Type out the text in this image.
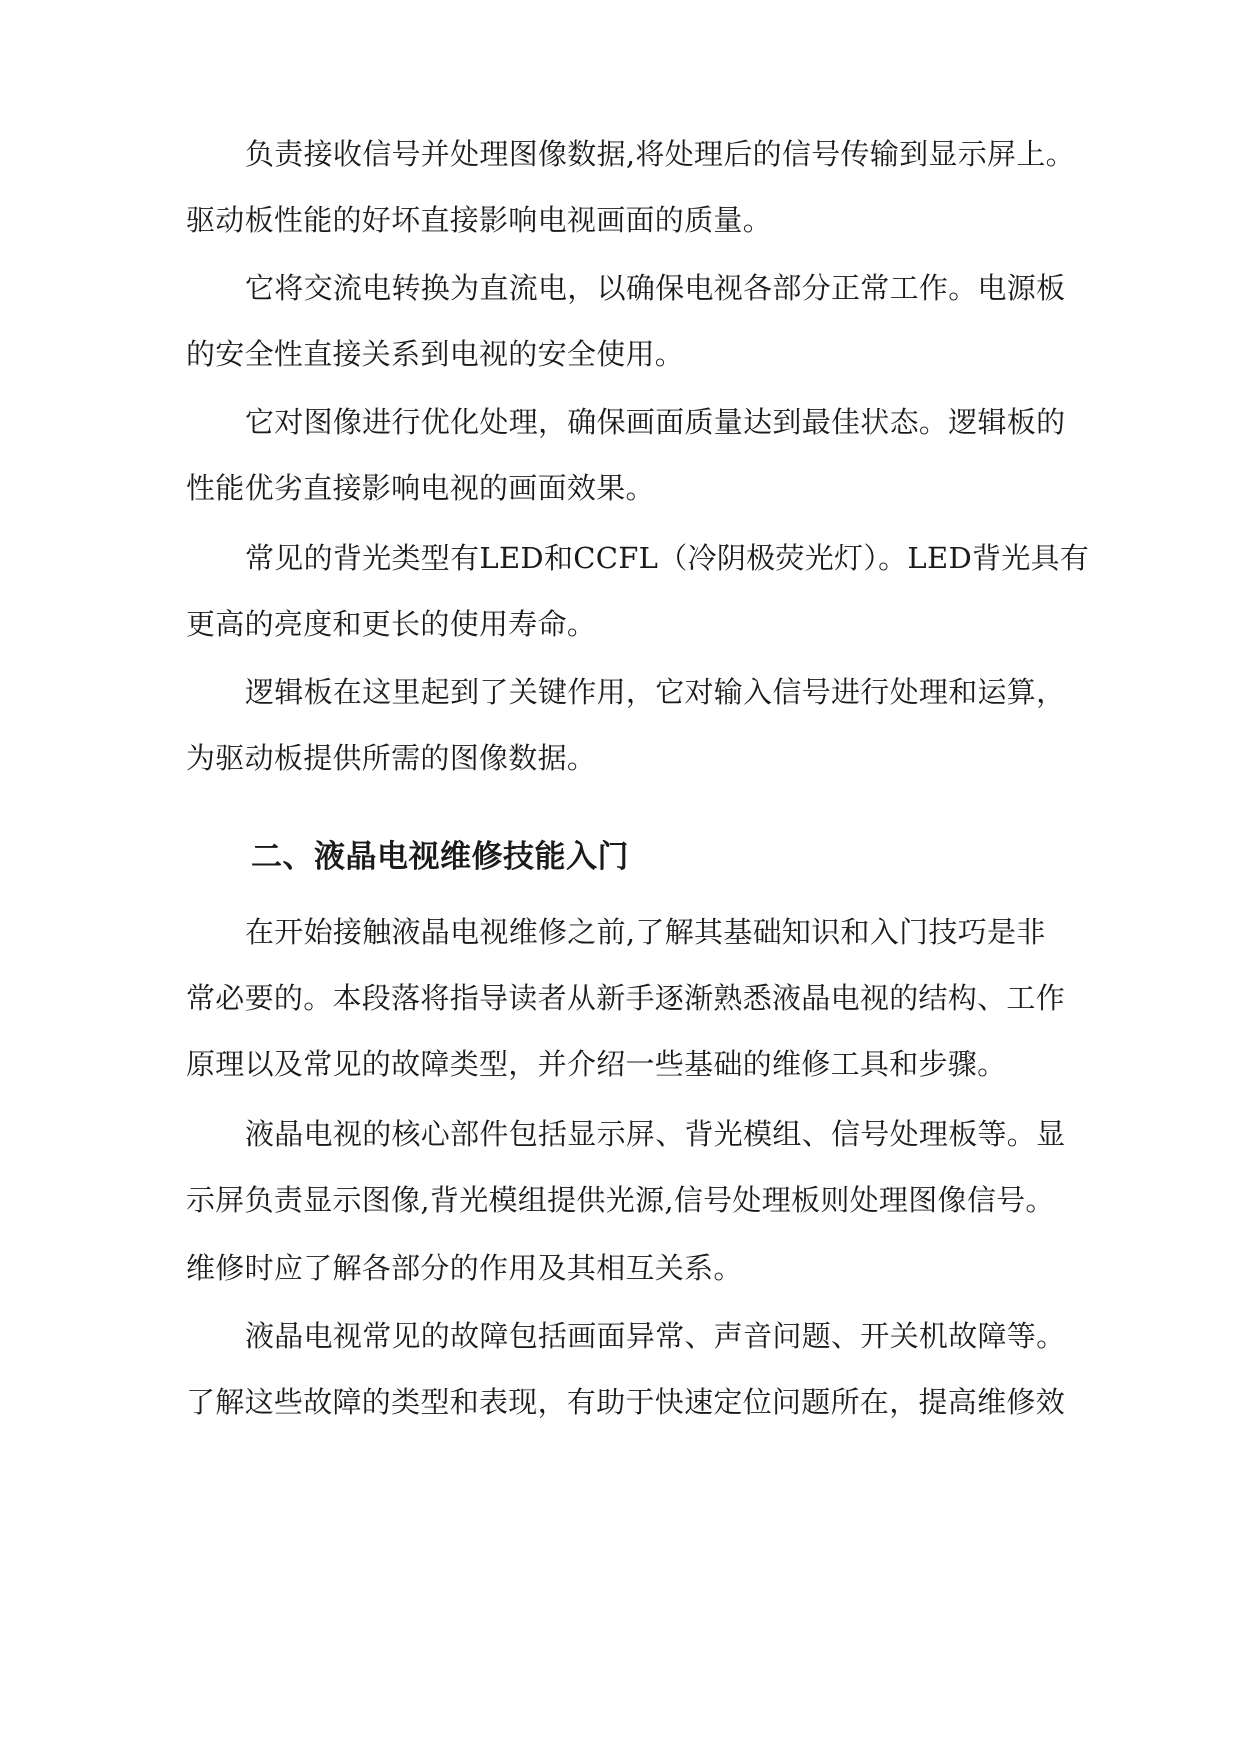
负责接收信号并处理图像数据,将处理后的信号传输到显示屏上。
驱动板性能的好坏直接影响电视画面的质量。
它将交流电转换为直流电，以确保电视各部分正常工作。电源板
的安全性直接关系到电视的安全使用。
它对图像进行优化处理，确保画面质量达到最佳状态。逻辑板的
性能优劣直接影响电视的画面效果。
常见的背光类型有LED和CCFL（冷阴极荧光灯）。LED背光具有
更高的亮度和更长的使用寿命。
逻辑板在这里起到了关键作用，它对输入信号进行处理和运算，
为驱动板提供所需的图像数据。
二、液晶电视维修技能入门
在开始接触液晶电视维修之前,了解其基础知识和入门技巧是非
常必要的。本段落将指导读者从新手逐渐熟悉液晶电视的结构、工作
原理以及常见的故障类型，并介绍一些基础的维修工具和步骤。
液晶电视的核心部件包括显示屏、背光模组、信号处理板等。显
示屏负责显示图像,背光模组提供光源,信号处理板则处理图像信号。
维修时应了解各部分的作用及其相互关系。
液晶电视常见的故障包括画面异常、声音问题、开关机故障等。
了解这些故障的类型和表现，有助于快速定位问题所在，提高维修效
